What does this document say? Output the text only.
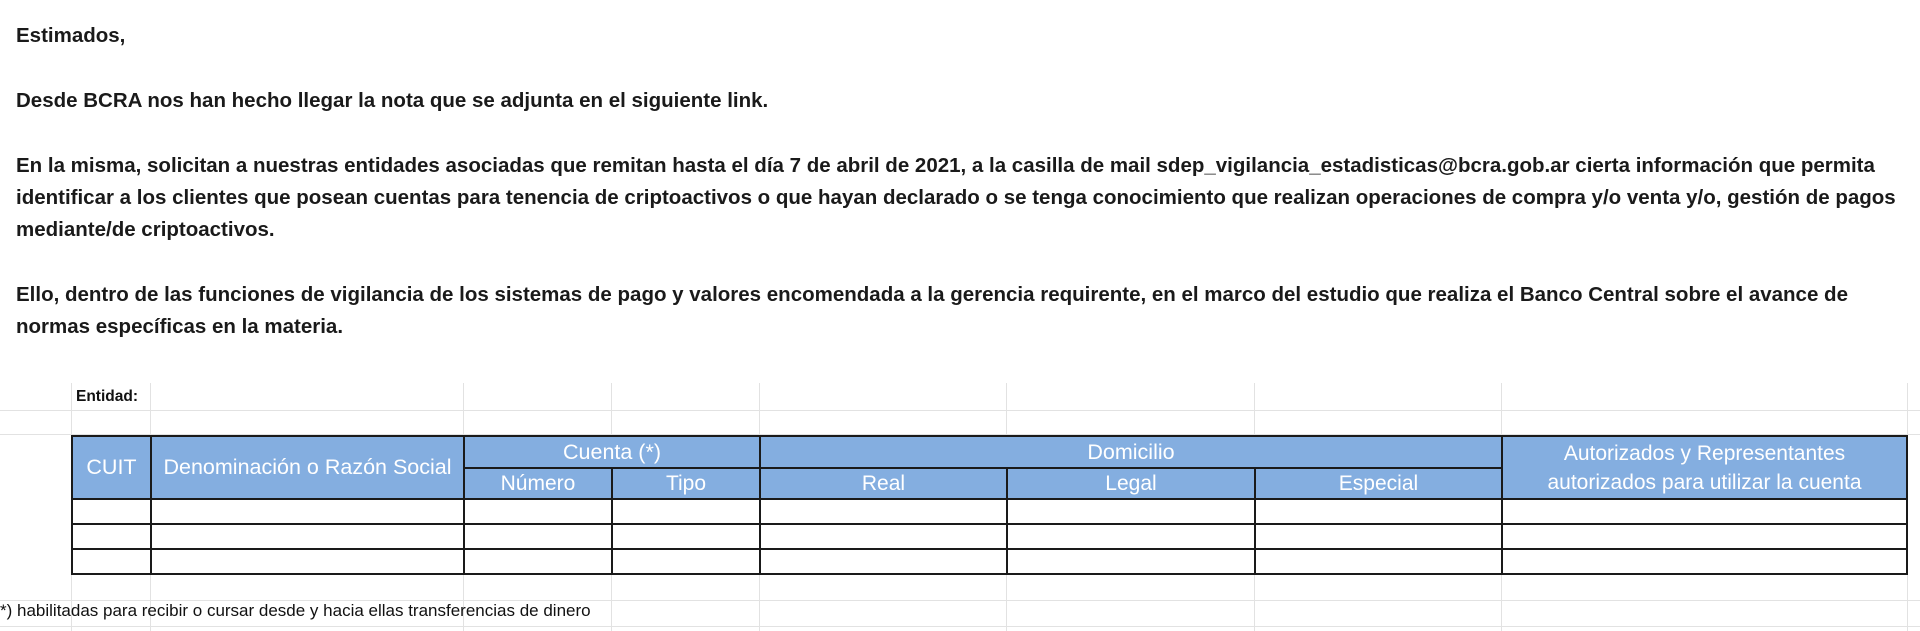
Estimados,

Desde BCRA nos han hecho llegar la nota que se adjunta en el siguiente link.

En la misma, solicitan a nuestras entidades asociadas que remitan hasta el día 7 de abril de 2021, a la casilla de mail sdep_vigilancia_estadisticas@bcra.gob.ar cierta información que permita identificar a los clientes que posean cuentas para tenencia de criptoactivos o que hayan declarado o se tenga conocimiento que realizan operaciones de compra y/o venta y/o, gestión de pagos mediante/de criptoactivos.

Ello, dentro de las funciones de vigilancia de los sistemas de pago y valores encomendada a la gerencia requirente, en el marco del estudio que realiza el Banco Central sobre el avance de normas específicas en la materia.

Entidad:
CUIT	Denominación o Razón Social
Cuenta (*)
Número	Tipo
Domicilio
Real	Legal	Especial
Autorizados y Representantes autorizados para utilizar la cuenta
*) habilitadas para recibir o cursar desde y hacia ellas transferencias de dinero
